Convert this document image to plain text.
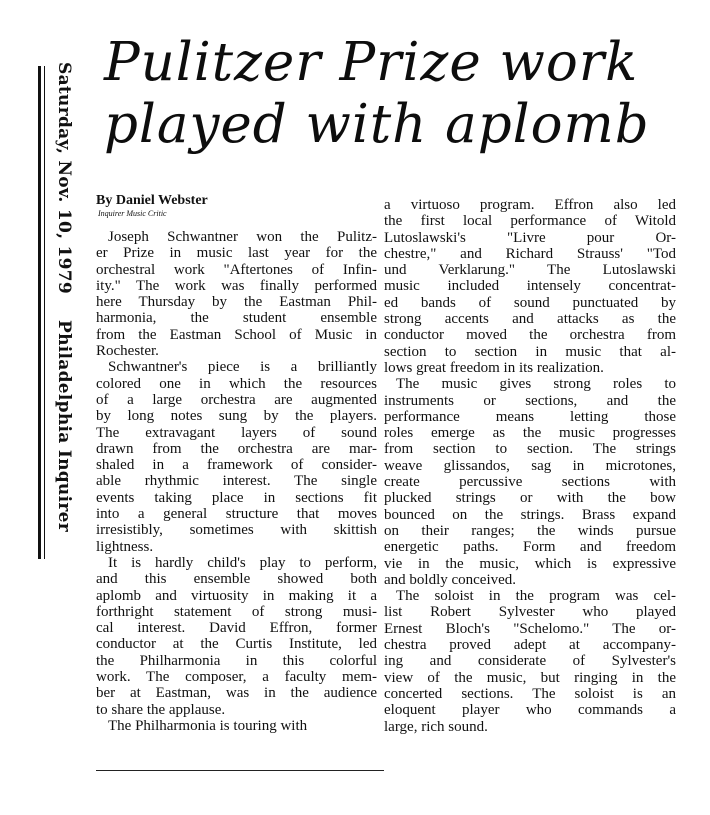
Saturday, Nov. 10, 1979Philadelphia Inquirer
Pulitzer Prize work
played with aplomb

By Daniel Webster

Inquirer Music Critic

Joseph Schwantner won the Pulitz-
er Prize in music last year for the
orchestral work "Aftertones of Infin-
ity." The work was finally performed
here Thursday by the Eastman Phil-
harmonia, the student ensemble
from the Eastman School of Music in
Rochester.
Schwantner's piece is a brilliantly
colored one in which the resources
of a large orchestra are augmented
by long notes sung by the players.
The extravagant layers of sound
drawn from the orchestra are mar-
shaled in a framework of consider-
able rhythmic interest. The single
events taking place in sections fit
into a general structure that moves
irresistibly, sometimes with skittish
lightness.
It is hardly child's play to perform,
and this ensemble showed both
aplomb and virtuosity in making it a
forthright statement of strong musi-
cal interest. David Effron, former
conductor at the Curtis Institute, led
the Philharmonia in this colorful
work. The composer, a faculty mem-
ber at Eastman, was in the audience
to share the applause.
The Philharmonia is touring with
a virtuoso program. Effron also led
the first local performance of Witold
Lutoslawski's "Livre pour Or-
chestre," and Richard Strauss' "Tod
und Verklarung." The Lutoslawski
music included intensely concentrat-
ed bands of sound punctuated by
strong accents and attacks as the
conductor moved the orchestra from
section to section in music that al-
lows great freedom in its realization.
The music gives strong roles to
instruments or sections, and the
performance means letting those
roles emerge as the music progresses
from section to section. The strings
weave glissandos, sag in microtones,
create percussive sections with
plucked strings or with the bow
bounced on the strings. Brass expand
on their ranges; the winds pursue
energetic paths. Form and freedom
vie in the music, which is expressive
and boldly conceived.
The soloist in the program was cel-
list Robert Sylvester who played
Ernest Bloch's "Schelomo." The or-
chestra proved adept at accompany-
ing and considerate of Sylvester's
view of the music, but ringing in the
concerted sections. The soloist is an
eloquent player who commands a
large, rich sound.
